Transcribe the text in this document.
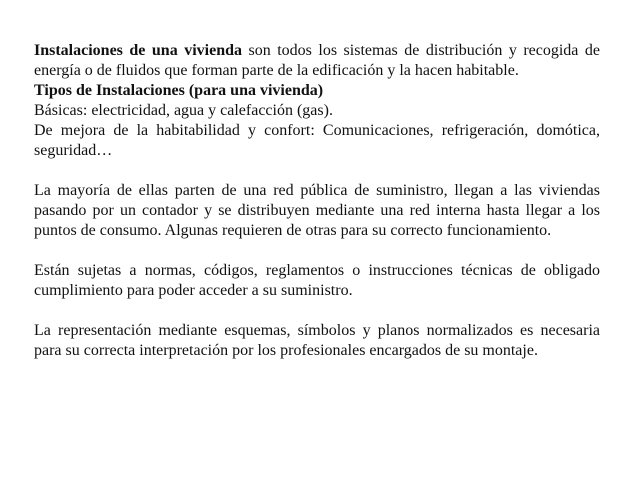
Instalaciones de una vivienda son todos los sistemas de distribución y recogida de energía o de fluidos que forman parte de la edificación y la hacen habitable.

Tipos de Instalaciones (para una vivienda)

Básicas: electricidad, agua y calefacción (gas).

De mejora de la habitabilidad y confort: Comunicaciones, refrigeración, domótica, seguridad…

La mayoría de ellas parten de una red pública de suministro, llegan a las viviendas pasando por un contador y se distribuyen mediante una red interna hasta llegar a los puntos de consumo. Algunas requieren de otras para su correcto funcionamiento.

Están sujetas a normas, códigos, reglamentos o instrucciones técnicas de obligado cumplimiento para poder acceder a su suministro.

La representación mediante esquemas, símbolos y planos normalizados es necesaria para su correcta interpretación por los profesionales encargados de su montaje.
